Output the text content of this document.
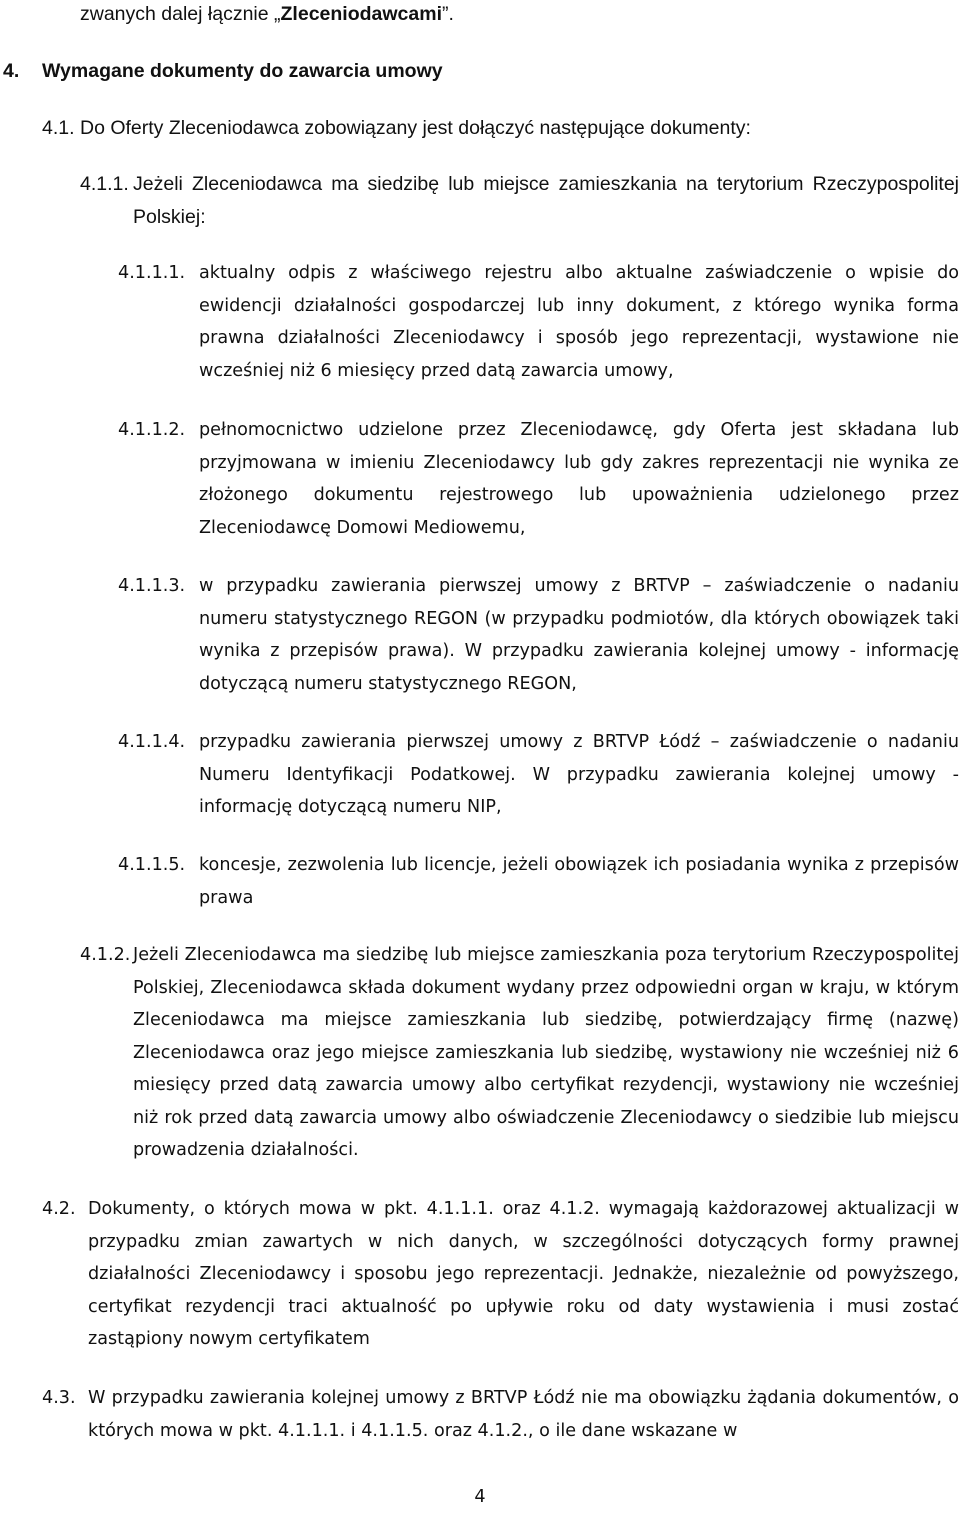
zwanych dalej łącznie „Zleceniodawcami”.
4. Wymagane dokumenty do zawarcia umowy
4.1. Do Oferty Zleceniodawca zobowiązany jest dołączyć następujące dokumenty:
4.1.1. Jeżeli Zleceniodawca ma siedzibę lub miejsce zamieszkania na terytorium Rzeczypospolitej Polskiej:

4.1.1.1. aktualny odpis z właściwego rejestru albo aktualne zaświadczenie o wpisie do ewidencji działalności gospodarczej lub inny dokument, z którego wynika forma prawna działalności Zleceniodawcy i sposób jego reprezentacji, wystawione nie wcześniej niż 6 miesięcy przed datą zawarcia umowy,

4.1.1.2. pełnomocnictwo udzielone przez Zleceniodawcę, gdy Oferta jest składana lub przyjmowana w imieniu Zleceniodawcy lub gdy zakres reprezentacji nie wynika ze złożonego dokumentu rejestrowego lub upoważnienia udzielonego przez Zleceniodawcę Domowi Mediowemu,

4.1.1.3. w przypadku zawierania pierwszej umowy z BRTVP – zaświadczenie o nadaniu numeru statystycznego REGON (w przypadku podmiotów, dla których obowiązek taki wynika z przepisów prawa). W przypadku zawierania kolejnej umowy - informację dotyczącą numeru statystycznego REGON,

4.1.1.4. przypadku zawierania pierwszej umowy z BRTVP Łódź – zaświadczenie o nadaniu Numeru Identyfikacji Podatkowej. W przypadku zawierania kolejnej umowy - informację dotyczącą numeru NIP,

4.1.1.5. koncesje, zezwolenia lub licencje, jeżeli obowiązek ich posiadania wynika z przepisów prawa

4.1.2. Jeżeli Zleceniodawca ma siedzibę lub miejsce zamieszkania poza terytorium Rzeczypospolitej Polskiej, Zleceniodawca składa dokument wydany przez odpowiedni organ w kraju, w którym Zleceniodawca ma miejsce zamieszkania lub siedzibę, potwierdzający firmę (nazwę) Zleceniodawca oraz jego miejsce zamieszkania lub siedzibę, wystawiony nie wcześniej niż 6 miesięcy przed datą zawarcia umowy albo certyfikat rezydencji, wystawiony nie wcześniej niż rok przed datą zawarcia umowy albo oświadczenie Zleceniodawcy o siedzibie lub miejscu prowadzenia działalności.

4.2. Dokumenty, o których mowa w pkt. 4.1.1.1. oraz 4.1.2. wymagają każdorazowej aktualizacji w przypadku zmian zawartych w nich danych, w szczególności dotyczących formy prawnej działalności Zleceniodawcy i sposobu jego reprezentacji. Jednakże, niezależnie od powyższego, certyfikat rezydencji traci aktualność po upływie roku od daty wystawienia i musi zostać zastąpiony nowym certyfikatem

4.3. W przypadku zawierania kolejnej umowy z BRTVP Łódź nie ma obowiązku żądania dokumentów, o których mowa w pkt. 4.1.1.1. i 4.1.1.5. oraz 4.1.2., o ile dane wskazane w

4
